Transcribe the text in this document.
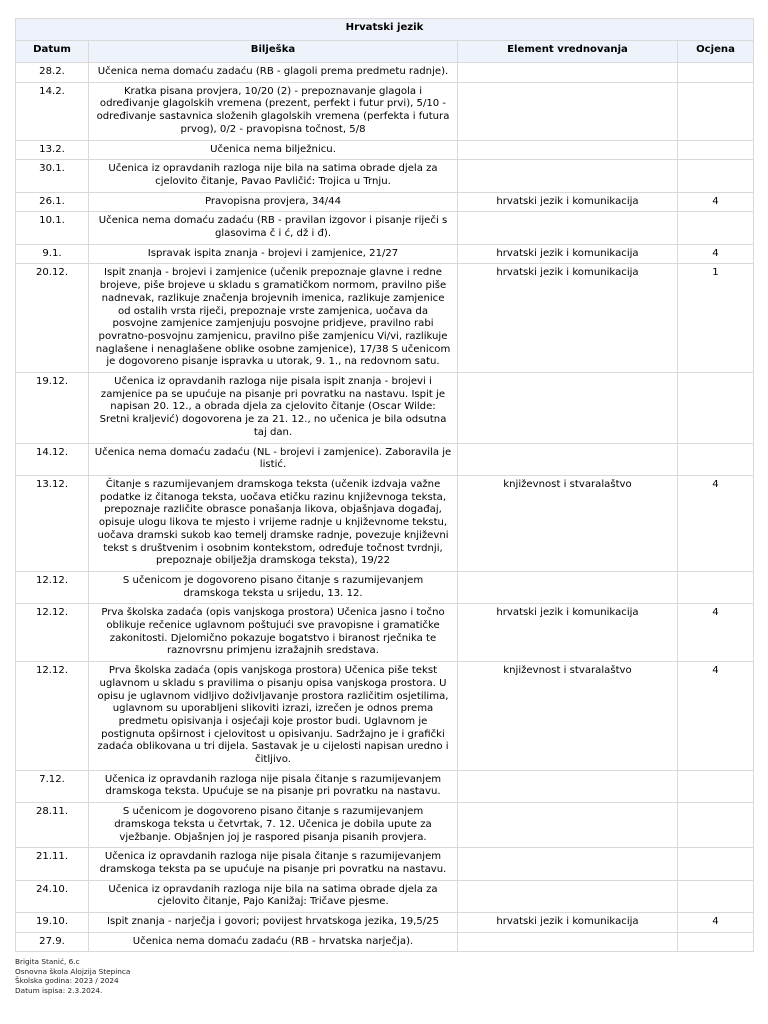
Hrvatski jezik			
Datum	Bilješka	Element vrednovanja	Ocjena
28.2.	Učenica nema domaću zadaću (RB - glagoli prema predmetu radnje).		
14.2.	Kratka pisana provjera, 10/20 (2) - prepoznavanje glagola i određivanje glagolskih vremena (prezent, perfekt i futur prvi), 5/10 - određivanje sastavnica složenih glagolskih vremena (perfekta i futura prvog), 0/2 - pravopisna točnost, 5/8		
13.2.	Učenica nema bilježnicu.		
30.1.	Učenica iz opravdanih razloga nije bila na satima obrade djela za cjelovito čitanje, Pavao Pavličić: Trojica u Trnju.		
26.1.	Pravopisna provjera, 34/44	hrvatski jezik i komunikacija	4
10.1.	Učenica nema domaću zadaću (RB - pravilan izgovor i pisanje riječi s glasovima č i ć, dž i đ).		
9.1.	Ispravak ispita znanja - brojevi i zamjenice, 21/27	hrvatski jezik i komunikacija	4
20.12.	Ispit znanja - brojevi i zamjenice (učenik prepoznaje glavne i redne brojeve, piše brojeve u skladu s gramatičkom normom, pravilno piše nadnevak, razlikuje značenja brojevnih imenica, razlikuje zamjenice od ostalih vrsta riječi, prepoznaje vrste zamjenica, uočava da posvojne zamjenice zamjenjuju posvojne pridjeve, pravilno rabi povratno-posvojnu zamjenicu, pravilno piše zamjenicu Vi/vi, razlikuje naglašene i nenaglašene oblike osobne zamjenice), 17/38 S učenicom je dogovoreno pisanje ispravka u utorak, 9. 1., na redovnom satu.	hrvatski jezik i komunikacija	1
19.12.	Učenica iz opravdanih razloga nije pisala ispit znanja - brojevi i zamjenice pa se upućuje na pisanje pri povratku na nastavu. Ispit je napisan 20. 12., a obrada djela za cjelovito čitanje (Oscar Wilde: Sretni kraljević) dogovorena je za 21. 12., no učenica je bila odsutna taj dan.		
14.12.	Učenica nema domaću zadaću (NL - brojevi i zamjenice). Zaboravila je listić.		
13.12.	Čitanje s razumijevanjem dramskoga teksta (učenik izdvaja važne podatke iz čitanoga teksta, uočava etičku razinu književnoga teksta, prepoznaje različite obrasce ponašanja likova, objašnjava događaj, opisuje ulogu likova te mjesto i vrijeme radnje u književnome tekstu, uočava dramski sukob kao temelj dramske radnje, povezuje književni tekst s društvenim i osobnim kontekstom, određuje točnost tvrdnji, prepoznaje obilježja dramskoga teksta), 19/22	književnost i stvaralaštvo	4
12.12.	S učenicom je dogovoreno pisano čitanje s razumijevanjem dramskoga teksta u srijedu, 13. 12.		
12.12.	Prva školska zadaća (opis vanjskoga prostora) Učenica jasno i točno oblikuje rečenice uglavnom poštujući sve pravopisne i gramatičke zakonitosti. Djelomično pokazuje bogatstvo i biranost rječnika te raznovrsnu primjenu izražajnih sredstava.	hrvatski jezik i komunikacija	4
12.12.	Prva školska zadaća (opis vanjskoga prostora) Učenica piše tekst uglavnom u skladu s pravilima o pisanju opisa vanjskoga prostora. U opisu je uglavnom vidljivo doživljavanje prostora različitim osjetilima, uglavnom su uporabljeni slikoviti izrazi, izrečen je odnos prema predmetu opisivanja i osjećaji koje prostor budi. Uglavnom je postignuta opširnost i cjelovitost u opisivanju. Sadržajno je i grafički zadaća oblikovana u tri dijela. Sastavak je u cijelosti napisan uredno i čitljivo.	književnost i stvaralaštvo	4
7.12.	Učenica iz opravdanih razloga nije pisala čitanje s razumijevanjem dramskoga teksta. Upućuje se na pisanje pri povratku na nastavu.		
28.11.	S učenicom je dogovoreno pisano čitanje s razumijevanjem dramskoga teksta u četvrtak, 7. 12. Učenica je dobila upute za vježbanje. Objašnjen joj je raspored pisanja pisanih provjera.		
21.11.	Učenica iz opravdanih razloga nije pisala čitanje s razumijevanjem dramskoga teksta pa se upućuje na pisanje pri povratku na nastavu.		
24.10.	Učenica iz opravdanih razloga nije bila na satima obrade djela za cjelovito čitanje, Pajo Kanižaj: Tričave pjesme.		
19.10.	Ispit znanja - narječja i govori; povijest hrvatskoga jezika, 19,5/25	hrvatski jezik i komunikacija	4
27.9.	Učenica nema domaću zadaću (RB - hrvatska narječja).		
Brigita Stanić, 6.c
Osnovna škola Alojzija Stepinca
Školska godina: 2023 / 2024
Datum ispisa: 2.3.2024.
